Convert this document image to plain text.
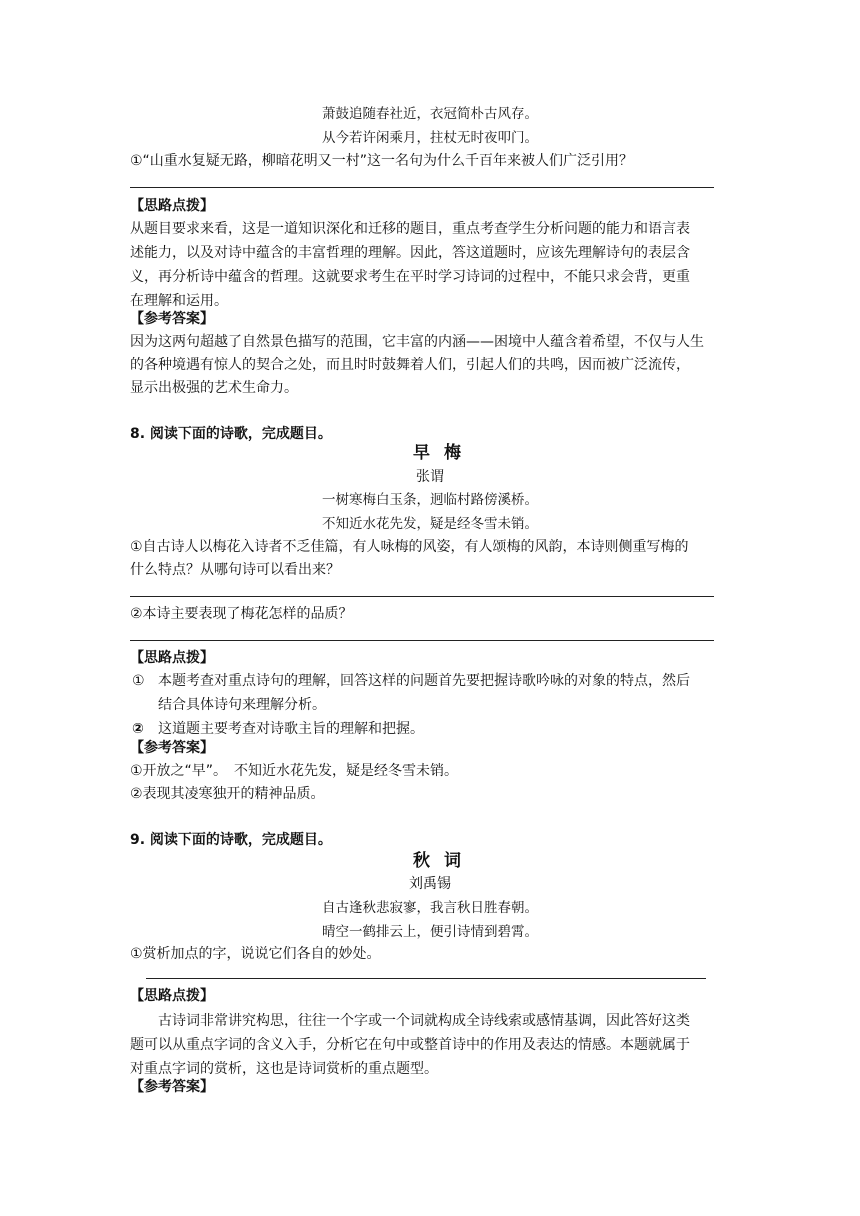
萧鼓追随春社近，衣冠简朴古风存。
从今若许闲乘月，拄杖无时夜叩门。
①“山重水复疑无路，柳暗花明又一村”这一名句为什么千百年来被人们广泛引用？
【思路点拨】
从题目要求来看，这是一道知识深化和迁移的题目，重点考查学生分析问题的能力和语言表
述能力，以及对诗中蕴含的丰富哲理的理解。因此，答这道题时，应该先理解诗句的表层含
义，再分析诗中蕴含的哲理。这就要求考生在平时学习诗词的过程中，不能只求会背，更重
在理解和运用。
【参考答案】
因为这两句超越了自然景色描写的范围，它丰富的内涵——困境中人蕴含着希望，不仅与人生
的各种境遇有惊人的契合之处，而且时时鼓舞着人们，引起人们的共鸣，因而被广泛流传，
显示出极强的艺术生命力。
8. 阅读下面的诗歌，完成题目。
早梅
张谓
一树寒梅白玉条，迥临村路傍溪桥。
不知近水花先发，疑是经冬雪未销。
①自古诗人以梅花入诗者不乏佳篇，有人咏梅的风姿，有人颂梅的风韵，本诗则侧重写梅的
什么特点？从哪句诗可以看出来？
②本诗主要表现了梅花怎样的品质？
【思路点拨】
① 本题考查对重点诗句的理解，回答这样的问题首先要把握诗歌吟咏的对象的特点，然后
结合具体诗句来理解分析。
② 这道题主要考查对诗歌主旨的理解和把握。
【参考答案】
①开放之“早”。　不知近水花先发，疑是经冬雪未销。
②表现其凌寒独开的精神品质。
9. 阅读下面的诗歌，完成题目。
秋词
刘禹锡
自古逢秋悲寂寥，我言秋日胜春朝。
晴空一鹤排云上，便引诗情到碧霄。
①赏析加点的字，说说它们各自的妙处。
【思路点拨】
古诗词非常讲究构思，往往一个字或一个词就构成全诗线索或感情基调，因此答好这类
题可以从重点字词的含义入手，分析它在句中或整首诗中的作用及表达的情感。本题就属于
对重点字词的赏析，这也是诗词赏析的重点题型。
【参考答案】
